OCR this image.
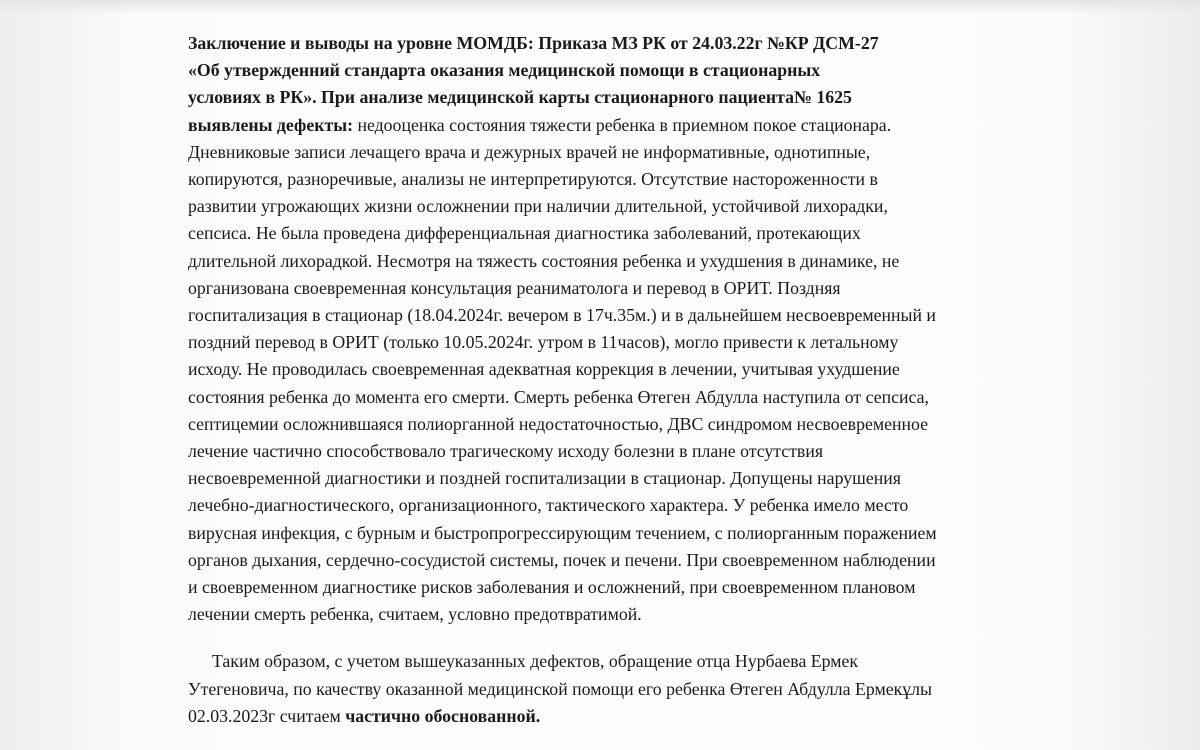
Заключение и выводы на уровне МОМДБ: Приказа МЗ РК от 24.03.22г №КР ДСМ-27
«Об утвержденний стандарта оказания медицинской помощи в стационарных
условиях в РК». При анализе медицинской карты стационарного пациента№ 1625
выявлены дефекты: недооценка состояния тяжести ребенка в приемном покое стационара.
Дневниковые записи лечащего врача и дежурных врачей не информативные, однотипные,
копируются, разноречивые, анализы не интерпретируются. Отсутствие настороженности в
развитии угрожающих жизни осложнении при наличии длительной, устойчивой лихорадки,
сепсиса. Не была проведена дифференциальная диагностика заболеваний, протекающих
длительной лихорадкой. Несмотря на тяжесть состояния ребенка и ухудшения в динамике, не
организована своевременная консультация реаниматолога и перевод в ОРИТ. Поздняя
госпитализация в стационар (18.04.2024г. вечером в 17ч.35м.) и в дальнейшем несвоевременный и
поздний перевод в ОРИТ (только 10.05.2024г. утром в 11часов), могло привести к летальному
исходу. Не проводилась своевременная адекватная коррекция в лечении, учитывая ухудшение
состояния ребенка до момента его смерти. Смерть ребенка Өтеген Абдулла наступила от сепсиса,
септицемии осложнившаяся полиорганной недостаточностью, ДВС синдромом несвоевременное
лечение частично способствовало трагическому исходу болезни в плане отсутствия
несвоевременной диагностики и поздней госпитализации в стационар. Допущены нарушения
лечебно-диагностического, организационного, тактического характера. У ребенка имело место
вирусная инфекция, с бурным и быстропрогрессирующим течением, с полиорганным поражением
органов дыхания, сердечно-сосудистой системы, почек и печени. При своевременном наблюдении
и своевременном диагностике рисков заболевания и осложнений, при своевременном плановом
лечении смерть ребенка, считаем, условно предотвратимой.

Таким образом, с учетом вышеуказанных дефектов, обращение отца Нурбаева Ермек
Утегеновича, по качеству оказанной медицинской помощи его ребенка Өтеген Абдулла Ермекұлы
02.03.2023г считаем частично обоснованной.
